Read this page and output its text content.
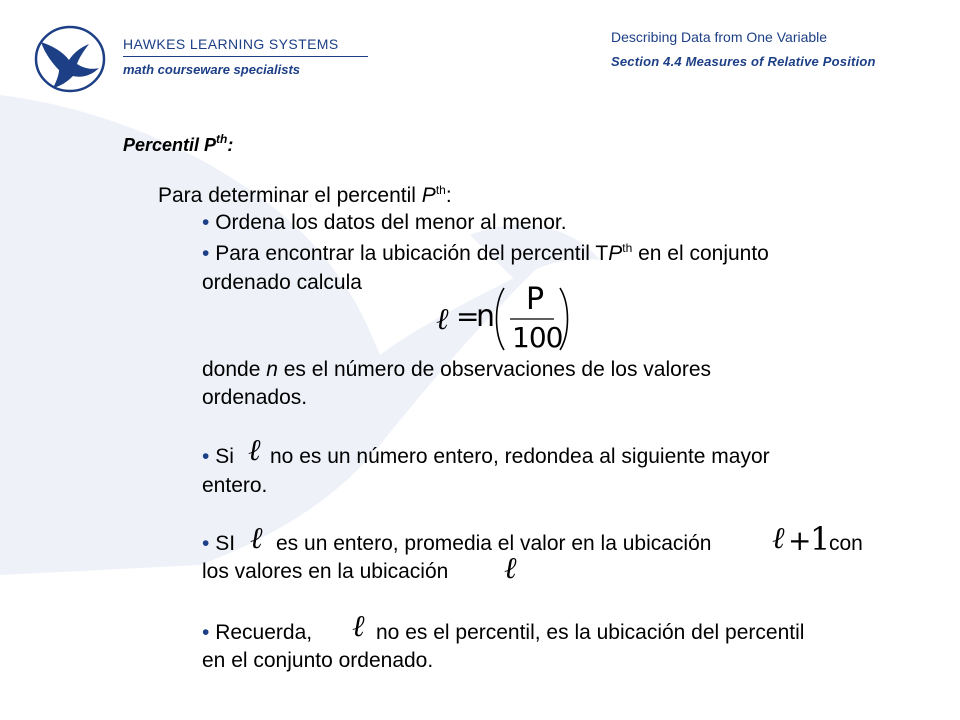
HAWKES LEARNING SYSTEMS
math courseware specialists
Describing Data from One Variable
Section 4.4 Measures of Relative Position
Percentil $P^{th}$:
Para determinar el percentil $P^{th}$:
• Ordena los datos del menor al menor.
• Para encontrar la ubicación del percentil $TP^{th}$ en el conjunto
ordenado calcula
ℓ =
n P
100
donde n es el número de observaciones de los valores
ordenados.
• Si ℓ no es un número entero, redondea al siguiente mayor
entero.
• SI ℓ es un entero, promedia el valor en la ubicación ℓ +
1
con
los valores en la ubicación ℓ
• Recuerda, ℓ no es el percentil, es la ubicación del percentil
en el conjunto ordenado.
